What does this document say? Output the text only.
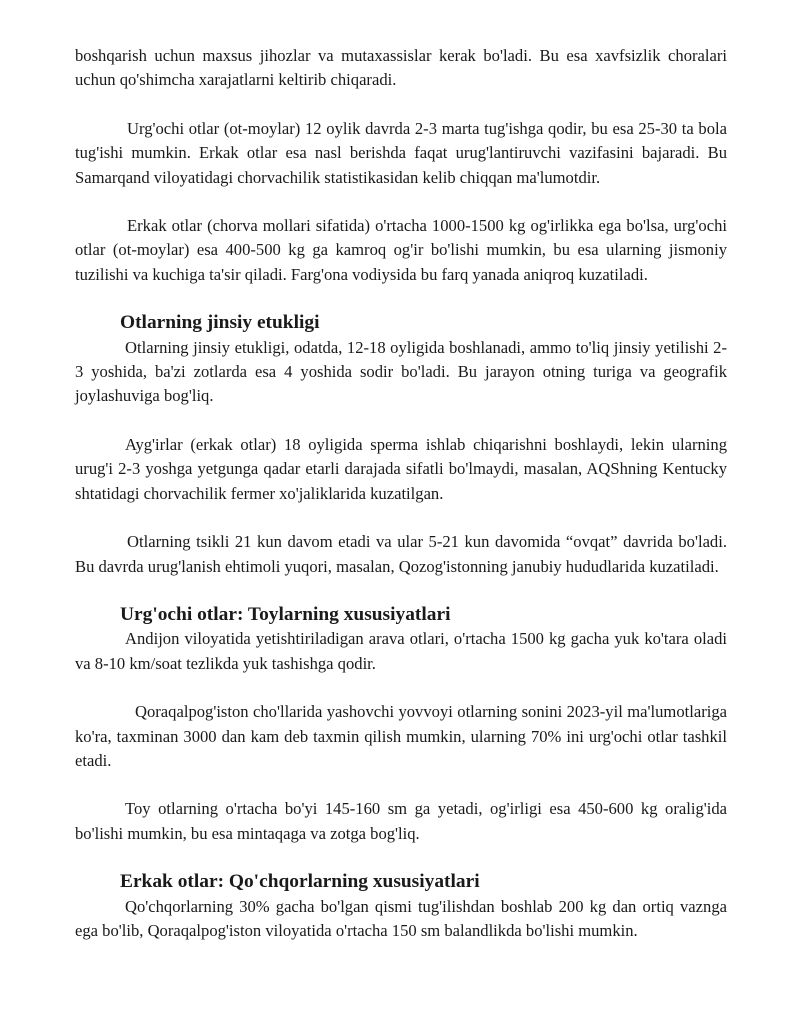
boshqarish uchun maxsus jihozlar va mutaxassislar kerak bo'ladi. Bu esa xavfsizlik choralari uchun qo'shimcha xarajatlarni keltirib chiqaradi.

Urg'ochi otlar (ot-moylar) 12 oylik davrda 2-3 marta tug'ishga qodir, bu esa 25-30 ta bola tug'ishi mumkin. Erkak otlar esa nasl berishda faqat urug'lantiruvchi vazifasini bajaradi. Bu Samarqand viloyatidagi chorvachilik statistikasidan kelib chiqqan ma'lumotdir.

Erkak otlar (chorva mollari sifatida) o'rtacha 1000-1500 kg og'irlikka ega bo'lsa, urg'ochi otlar (ot-moylar) esa 400-500 kg ga kamroq og'ir bo'lishi mumkin, bu esa ularning jismoniy tuzilishi va kuchiga ta'sir qiladi. Farg'ona vodiysida bu farq yanada aniqroq kuzatiladi.

Otlarning jinsiy etukligi

Otlarning jinsiy etukligi, odatda, 12-18 oyligida boshlanadi, ammo to'liq jinsiy yetilishi 2-3 yoshida, ba'zi zotlarda esa 4 yoshida sodir bo'ladi. Bu jarayon otning turiga va geografik joylashuviga bog'liq.

Ayg'irlar (erkak otlar) 18 oyligida sperma ishlab chiqarishni boshlaydi, lekin ularning urug'i 2-3 yoshga yetgunga qadar etarli darajada sifatli bo'lmaydi, masalan, AQShning Kentucky shtatidagi chorvachilik fermer xo'jaliklarida kuzatilgan.

Otlarning tsikli 21 kun davom etadi va ular 5-21 kun davomida “ovqat” davrida bo'ladi. Bu davrda urug'lanish ehtimoli yuqori, masalan, Qozog'istonning janubiy hududlarida kuzatiladi.

Urg'ochi otlar: Toylarning xususiyatlari

Andijon viloyatida yetishtiriladigan arava otlari, o'rtacha 1500 kg gacha yuk ko'tara oladi va 8-10 km/soat tezlikda yuk tashishga qodir.

Qoraqalpog'iston cho'llarida yashovchi yovvoyi otlarning sonini 2023-yil ma'lumotlariga ko'ra, taxminan 3000 dan kam deb taxmin qilish mumkin, ularning 70% ini urg'ochi otlar tashkil etadi.

Toy otlarning o'rtacha bo'yi 145-160 sm ga yetadi, og'irligi esa 450-600 kg oralig'ida bo'lishi mumkin, bu esa mintaqaga va zotga bog'liq.

Erkak otlar: Qo'chqorlarning xususiyatlari

Qo'chqorlarning 30% gacha bo'lgan qismi tug'ilishdan boshlab 200 kg dan ortiq vaznga ega bo'lib, Qoraqalpog'iston viloyatida o'rtacha 150 sm balandlikda bo'lishi mumkin.
